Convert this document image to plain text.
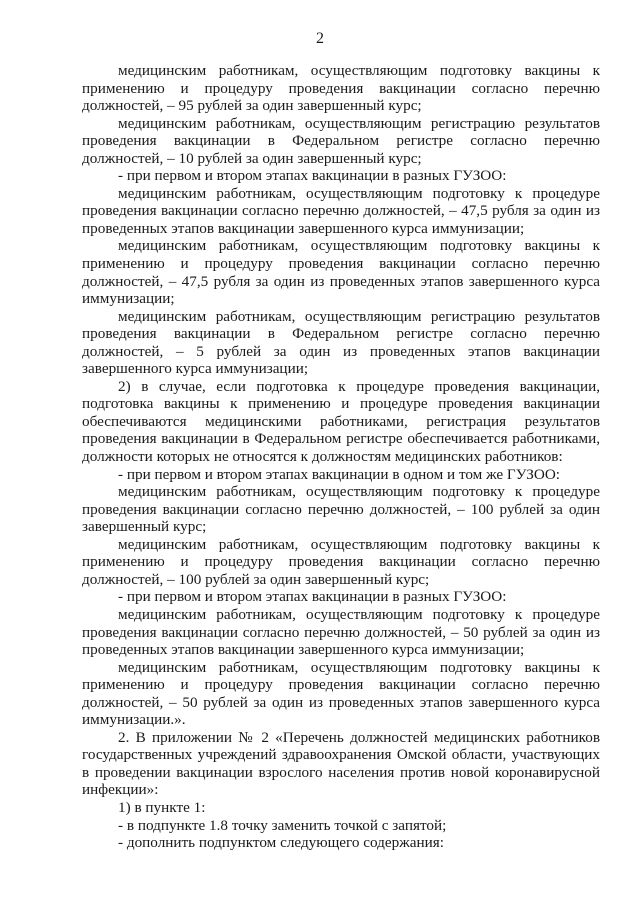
2

медицинским работникам, осуществляющим подготовку вакцины к применению и процедуру проведения вакцинации согласно перечню должностей, – 95 рублей за один завершенный курс;

медицинским работникам, осуществляющим регистрацию результатов проведения вакцинации в Федеральном регистре согласно перечню должностей, – 10 рублей за один завершенный курс;

- при первом и втором этапах вакцинации в разных ГУЗОО:

медицинским работникам, осуществляющим подготовку к процедуре проведения вакцинации согласно перечню должностей, – 47,5 рубля за один из проведенных этапов вакцинации завершенного курса иммунизации;

медицинским работникам, осуществляющим подготовку вакцины к применению и процедуру проведения вакцинации согласно перечню должностей, – 47,5 рубля за один из проведенных этапов завершенного курса иммунизации;

медицинским работникам, осуществляющим регистрацию результатов проведения вакцинации в Федеральном регистре согласно перечню должностей, – 5 рублей за один из проведенных этапов вакцинации завершенного курса иммунизации;

2) в случае, если подготовка к процедуре проведения вакцинации, подготовка вакцины к применению и процедуре проведения вакцинации обеспечиваются медицинскими работниками, регистрация результатов проведения вакцинации в Федеральном регистре обеспечивается работниками, должности которых не относятся к должностям медицинских работников:

- при первом и втором этапах вакцинации в одном и том же ГУЗОО:

медицинским работникам, осуществляющим подготовку к процедуре проведения вакцинации согласно перечню должностей, – 100 рублей за один завершенный курс;

медицинским работникам, осуществляющим подготовку вакцины к применению и процедуру проведения вакцинации согласно перечню должностей, – 100 рублей за один завершенный курс;

- при первом и втором этапах вакцинации в разных ГУЗОО:

медицинским работникам, осуществляющим подготовку к процедуре проведения вакцинации согласно перечню должностей, – 50 рублей за один из проведенных этапов вакцинации завершенного курса иммунизации;

медицинским работникам, осуществляющим подготовку вакцины к применению и процедуру проведения вакцинации согласно перечню должностей, – 50 рублей за один из проведенных этапов завершенного курса иммунизации.».

2. В приложении № 2 «Перечень должностей медицинских работников государственных учреждений здравоохранения Омской области, участвующих в проведении вакцинации взрослого населения против новой коронавирусной инфекции»:

1) в пункте 1:

- в подпункте 1.8 точку заменить точкой с запятой;

- дополнить подпунктом следующего содержания:
